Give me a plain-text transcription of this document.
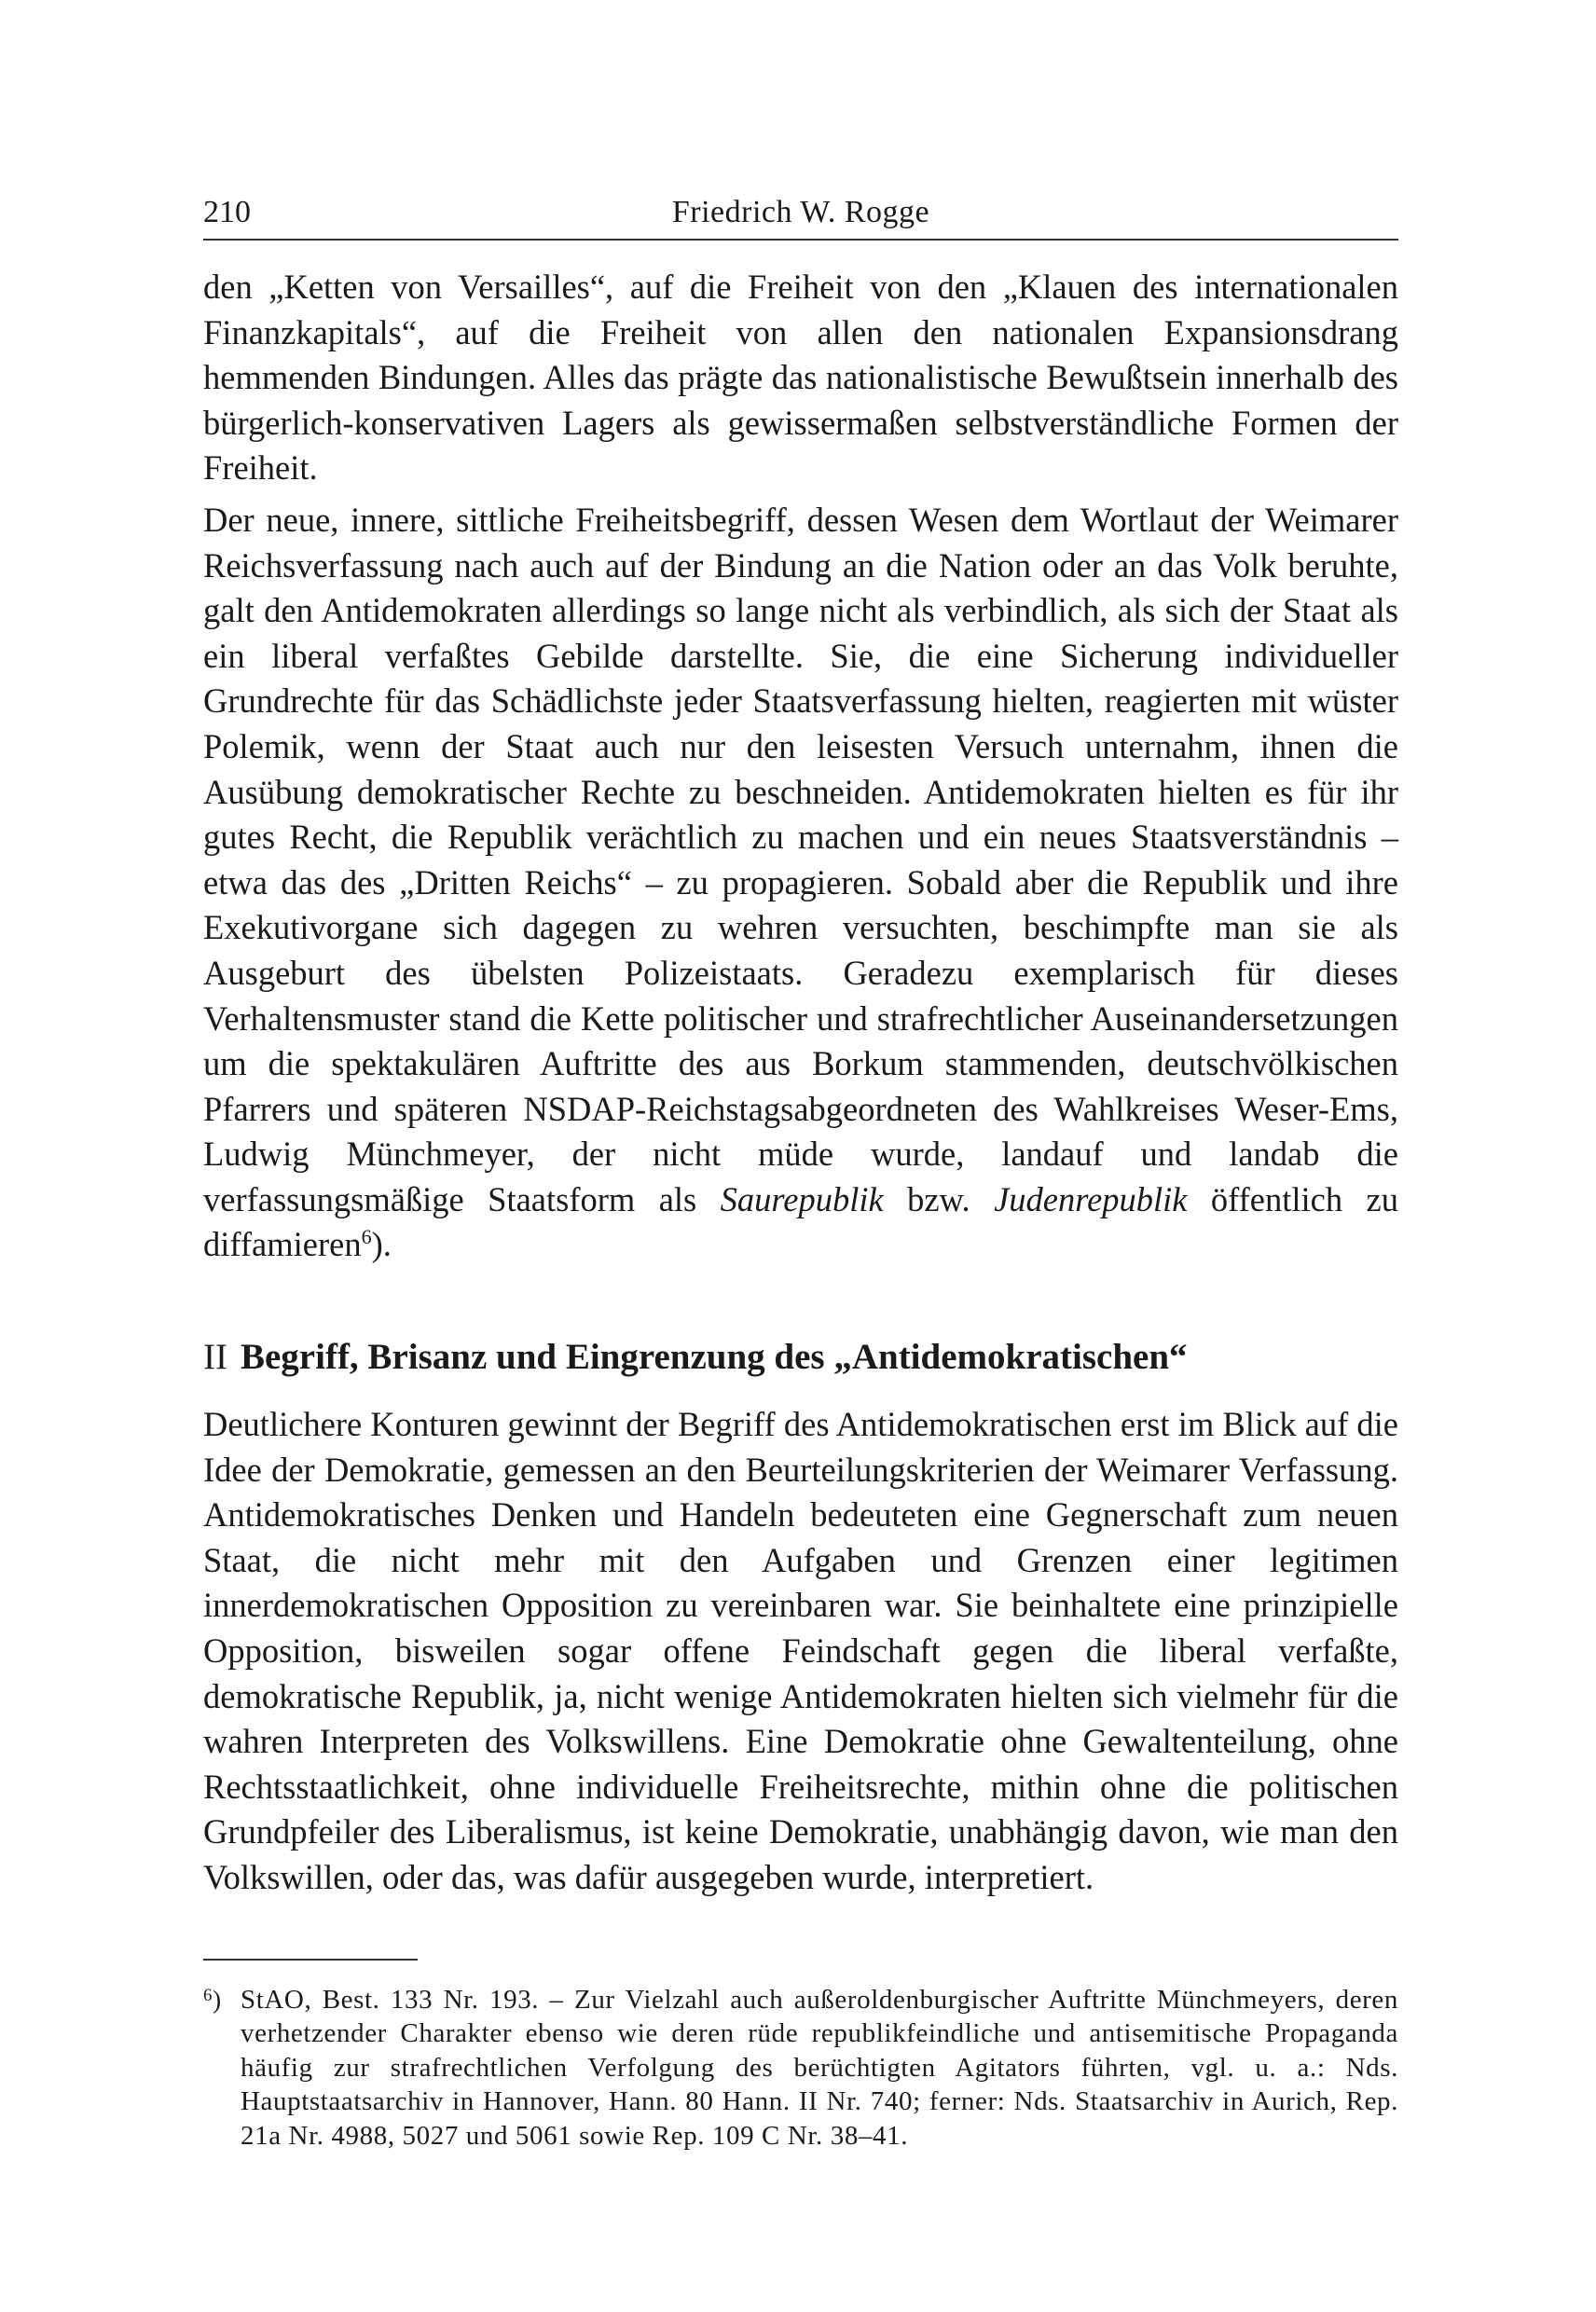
210	Friedrich W. Rogge

den „Ketten von Versailles“, auf die Freiheit von den „Klauen des internationalen Finanzkapitals“, auf die Freiheit von allen den nationalen Expansionsdrang hemmenden Bindungen. Alles das prägte das nationalistische Bewußtsein innerhalb des bürgerlich-konservativen Lagers als gewissermaßen selbstverständliche Formen der Freiheit.

Der neue, innere, sittliche Freiheitsbegriff, dessen Wesen dem Wortlaut der Weimarer Reichsverfassung nach auch auf der Bindung an die Nation oder an das Volk beruhte, galt den Antidemokraten allerdings so lange nicht als verbindlich, als sich der Staat als ein liberal verfaßtes Gebilde darstellte. Sie, die eine Sicherung individueller Grundrechte für das Schädlichste jeder Staatsverfassung hielten, reagierten mit wüster Polemik, wenn der Staat auch nur den leisesten Versuch unternahm, ihnen die Ausübung demokratischer Rechte zu beschneiden. Antidemokraten hielten es für ihr gutes Recht, die Republik verächtlich zu machen und ein neues Staatsverständnis – etwa das des „Dritten Reichs“ – zu propagieren. Sobald aber die Republik und ihre Exekutivorgane sich dagegen zu wehren versuchten, beschimpfte man sie als Ausgeburt des übelsten Polizeistaats. Geradezu exemplarisch für dieses Verhaltensmuster stand die Kette politischer und strafrechtlicher Auseinandersetzungen um die spektakulären Auftritte des aus Borkum stammenden, deutschvölkischen Pfarrers und späteren NSDAP-Reichstagsabgeordneten des Wahlkreises Weser-Ems, Ludwig Münchmeyer, der nicht müde wurde, landauf und landab die verfassungsmäßige Staatsform als Saurepublik bzw. Judenrepublik öffentlich zu diffamieren$^6$).

II Begriff, Brisanz und Eingrenzung des „Antidemokratischen“

Deutlichere Konturen gewinnt der Begriff des Antidemokratischen erst im Blick auf die Idee der Demokratie, gemessen an den Beurteilungskriterien der Weimarer Verfassung. Antidemokratisches Denken und Handeln bedeuteten eine Gegnerschaft zum neuen Staat, die nicht mehr mit den Aufgaben und Grenzen einer legitimen innerdemokratischen Opposition zu vereinbaren war. Sie beinhaltete eine prinzipielle Opposition, bisweilen sogar offene Feindschaft gegen die liberal verfaßte, demokratische Republik, ja, nicht wenige Antidemokraten hielten sich vielmehr für die wahren Interpreten des Volkswillens. Eine Demokratie ohne Gewaltenteilung, ohne Rechtsstaatlichkeit, ohne individuelle Freiheitsrechte, mithin ohne die politischen Grundpfeiler des Liberalismus, ist keine Demokratie, unabhängig davon, wie man den Volkswillen, oder das, was dafür ausgegeben wurde, interpretiert.

$^6$) StAO, Best. 133 Nr. 193. – Zur Vielzahl auch außeroldenburgischer Auftritte Münchmeyers, deren verhetzender Charakter ebenso wie deren rüde republikfeindliche und antisemitische Propaganda häufig zur strafrechtlichen Verfolgung des berüchtigten Agitators führten, vgl. u. a.: Nds. Hauptstaatsarchiv in Hannover, Hann. 80 Hann. II Nr. 740; ferner: Nds. Staatsarchiv in Aurich, Rep. 21a Nr. 4988, 5027 und 5061 sowie Rep. 109 C Nr. 38–41.
